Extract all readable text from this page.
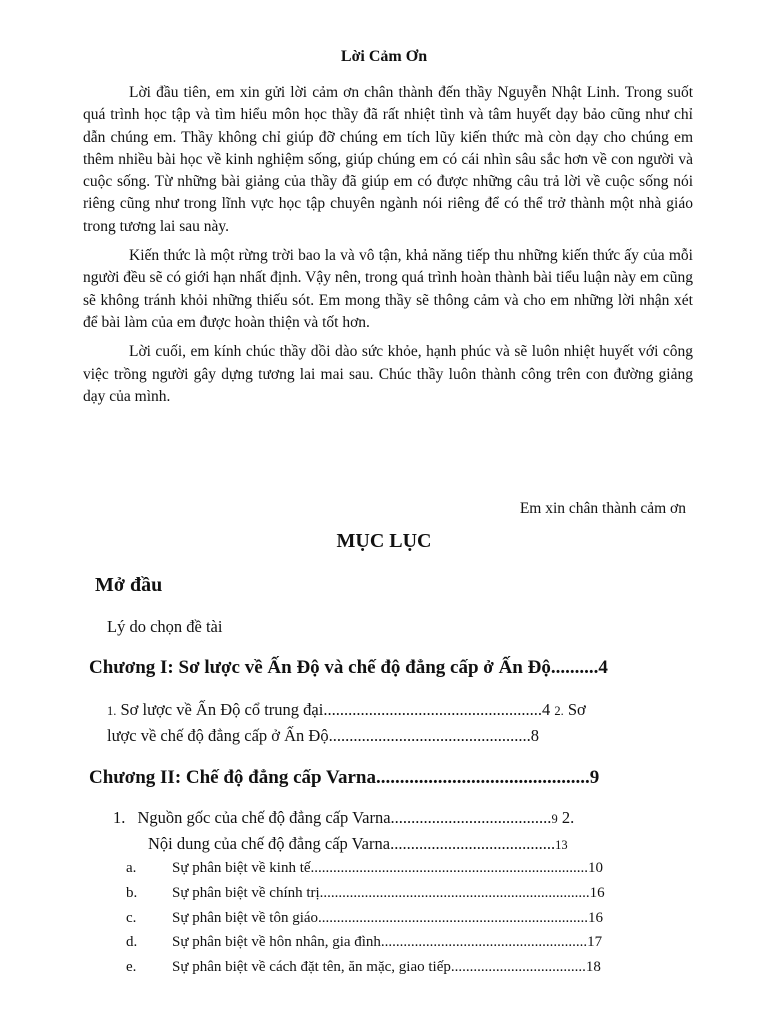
Lời Cảm Ơn

Lời đầu tiên, em xin gửi lời cảm ơn chân thành đến thầy Nguyễn Nhật Linh. Trong suốt quá trình học tập và tìm hiểu môn học thầy đã rất nhiệt tình và tâm huyết dạy bảo cũng như chỉ dẫn chúng em. Thầy không chỉ giúp đỡ chúng em tích lũy kiến thức mà còn dạy cho chúng em thêm nhiều bài học về kinh nghiệm sống, giúp chúng em có cái nhìn sâu sắc hơn về con người và cuộc sống. Từ những bài giảng của thầy đã giúp em có được những câu trả lời về cuộc sống nói riêng cũng như trong lĩnh vực học tập chuyên ngành nói riêng để có thể trở thành một nhà giáo trong tương lai sau này.

Kiến thức là một rừng trời bao la và vô tận, khả năng tiếp thu những kiến thức ấy của mỗi người đều sẽ có giới hạn nhất định. Vậy nên, trong quá trình hoàn thành bài tiểu luận này em cũng sẽ không tránh khỏi những thiếu sót. Em mong thầy sẽ thông cảm và cho em những lời nhận xét để bài làm của em được hoàn thiện và tốt hơn.

Lời cuối, em kính chúc thầy dồi dào sức khỏe, hạnh phúc và sẽ luôn nhiệt huyết với công việc trồng người gây dựng tương lai mai sau. Chúc thầy luôn thành công trên con đường giảng dạy của mình.

Em xin chân thành cảm ơn
MỤC LỤC
Mở đầu
Lý do chọn đề tài
Chương I: Sơ lược về Ấn Độ và chế độ đẳng cấp ở Ấn Độ..........4
1. Sơ lược về Ấn Độ cổ trung đại.....................................................4 2. Sơ
lược về chế độ đẳng cấp ở Ấn Độ.................................................8
Chương II: Chế độ đẳng cấp Varna.............................................9
1. Nguồn gốc của chế độ đẳng cấp Varna.......................................9 2.
Nội dung của chế độ đẳng cấp Varna........................................13
a. Sự phân biệt về kinh tế..........................................................................10
b. Sự phân biệt về chính trị........................................................................16
c. Sự phân biệt về tôn giáo........................................................................16
d. Sự phân biệt về hôn nhân, gia đình.......................................................17
e. Sự phân biệt về cách đặt tên, ăn mặc, giao tiếp....................................18
